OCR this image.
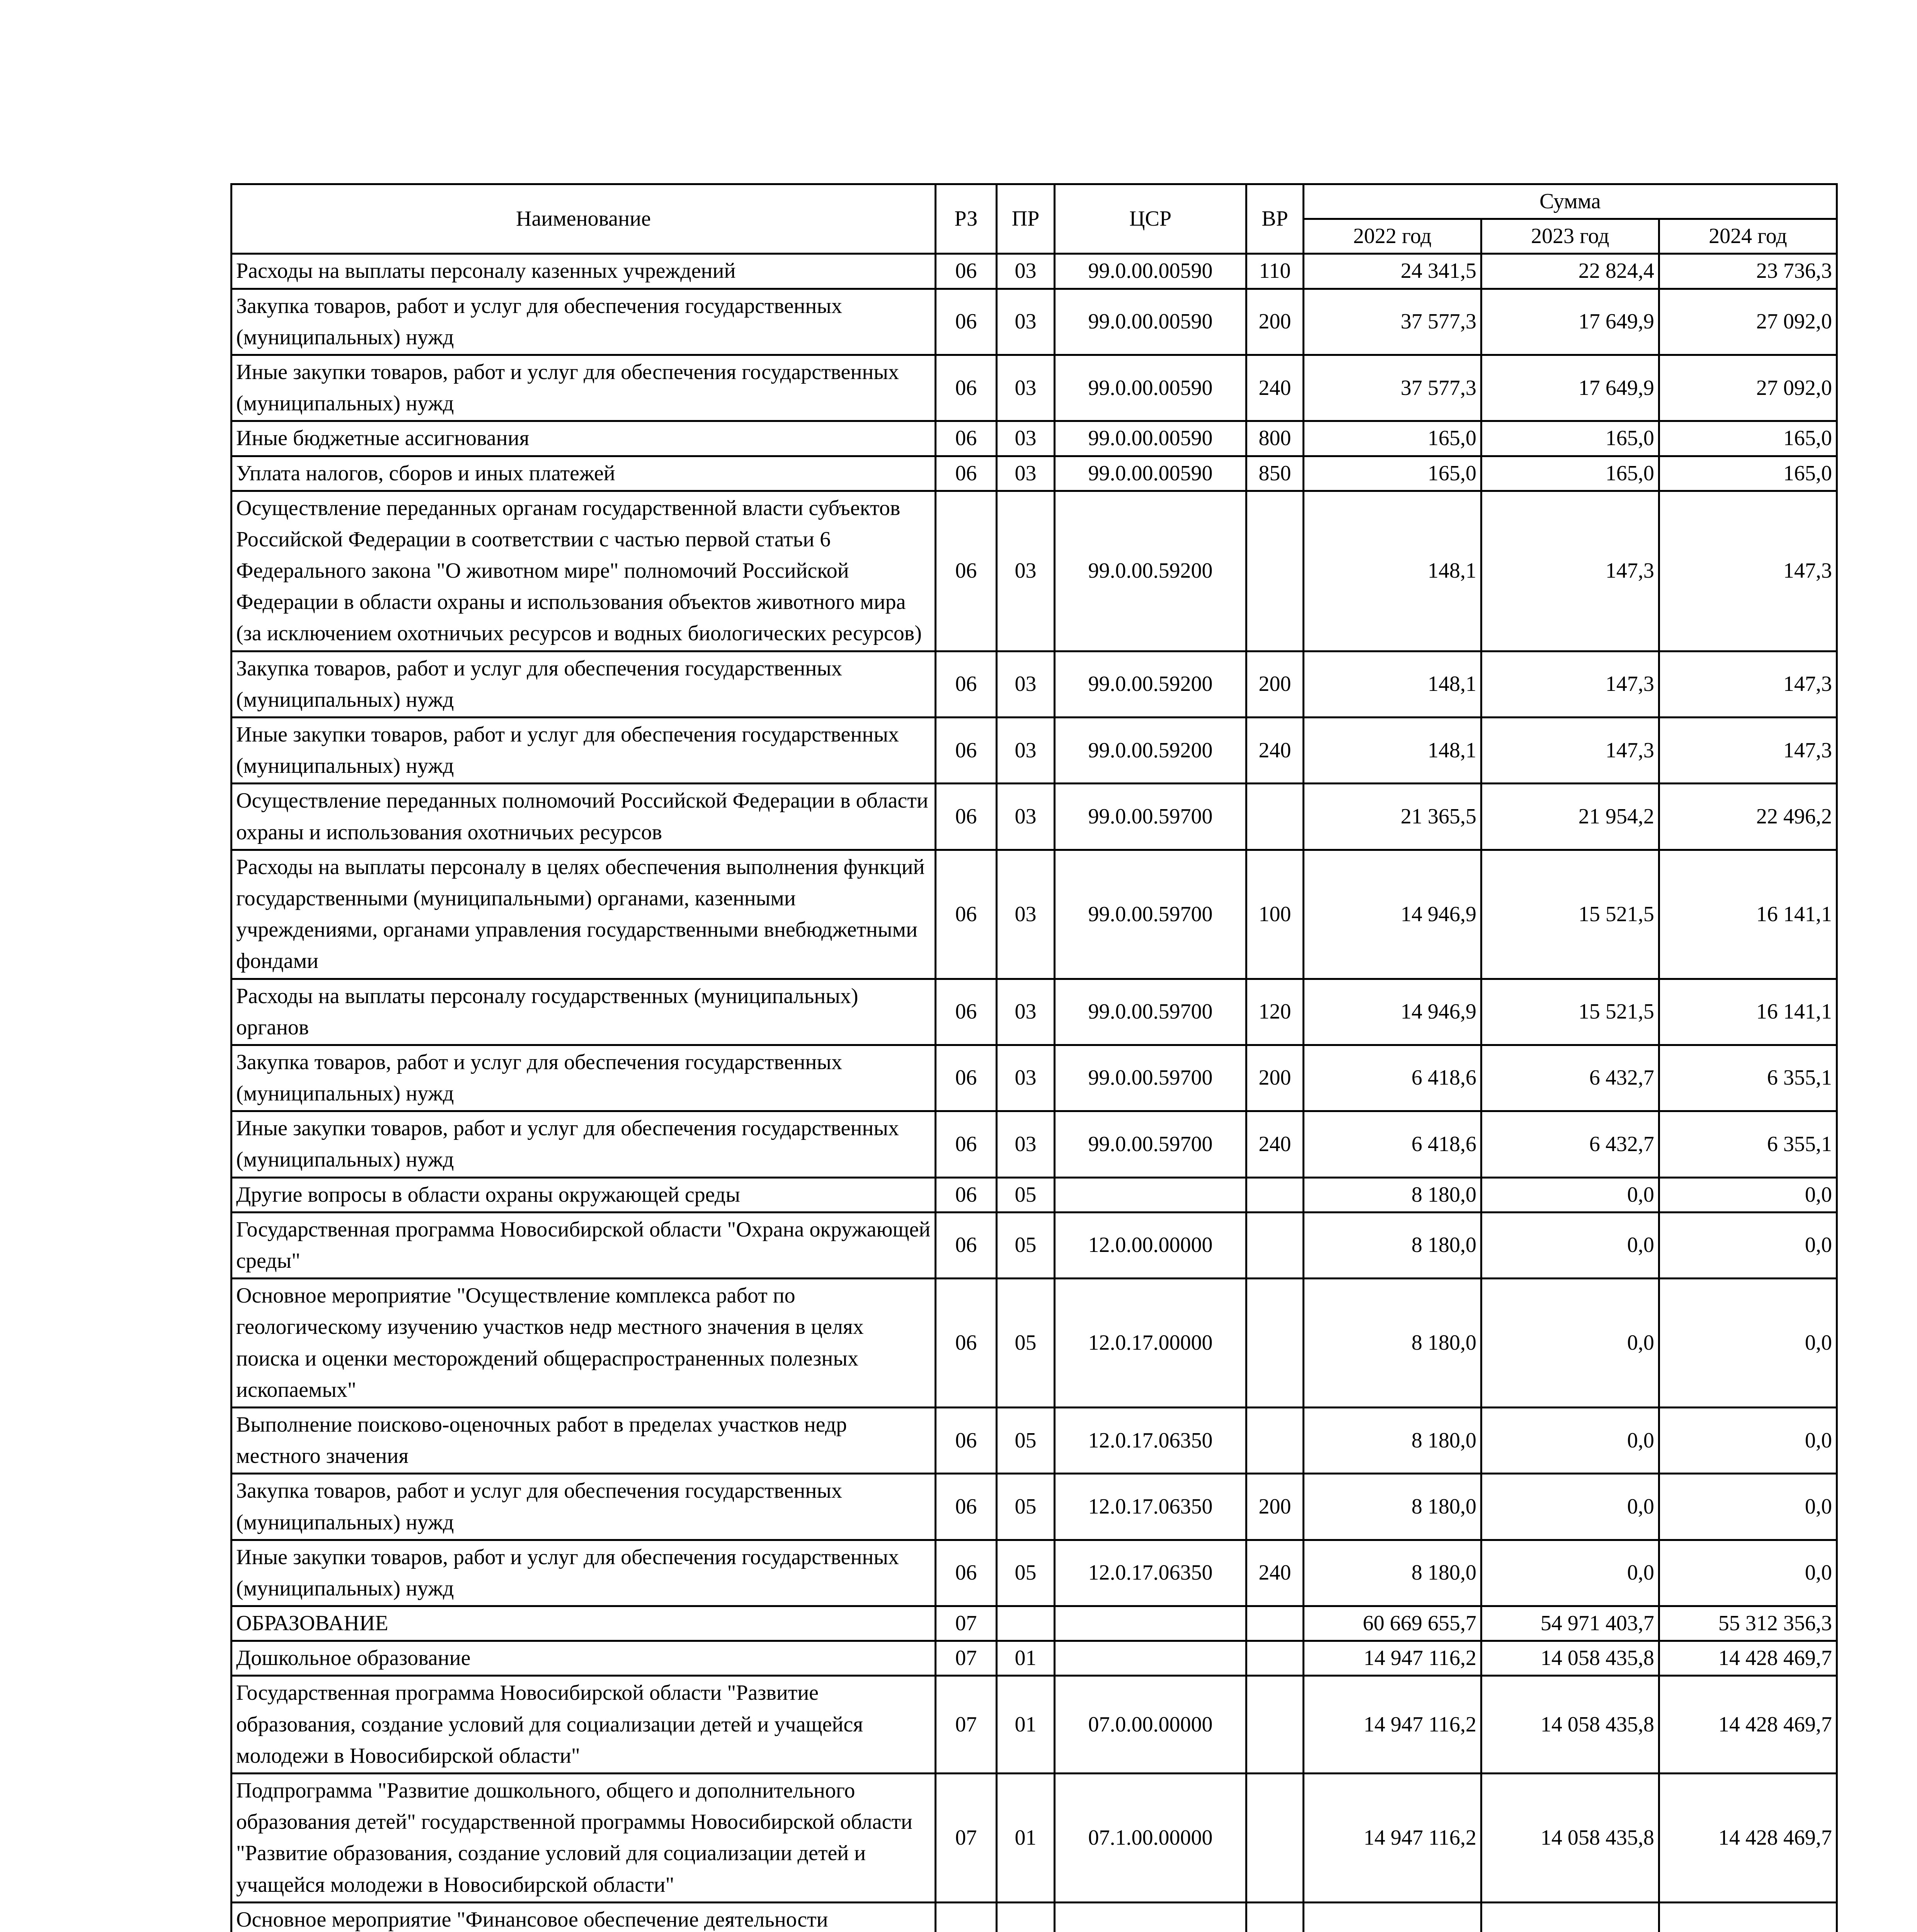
Наименование	РЗ	ПР	ЦСР	ВР	Сумма		
					2022 год	2023 год	2024 год
Расходы на выплаты персоналу казенных учреждений	06	03	99.0.00.00590	110	24 341,5	22 824,4	23 736,3
Закупка товаров, работ и услуг для обеспечения государственных (муниципальных) нужд	06	03	99.0.00.00590	200	37 577,3	17 649,9	27 092,0
Иные закупки товаров, работ и услуг для обеспечения государственных (муниципальных) нужд	06	03	99.0.00.00590	240	37 577,3	17 649,9	27 092,0
Иные бюджетные ассигнования	06	03	99.0.00.00590	800	165,0	165,0	165,0
Уплата налогов, сборов и иных платежей	06	03	99.0.00.00590	850	165,0	165,0	165,0
Осуществление переданных органам государственной власти субъектов Российской Федерации в соответствии с частью первой статьи 6 Федерального закона "О животном мире" полномочий Российской Федерации в области охраны и использования объектов животного мира (за исключением охотничьих ресурсов и водных биологических ресурсов)	06	03	99.0.00.59200		148,1	147,3	147,3
Закупка товаров, работ и услуг для обеспечения государственных (муниципальных) нужд	06	03	99.0.00.59200	200	148,1	147,3	147,3
Иные закупки товаров, работ и услуг для обеспечения государственных (муниципальных) нужд	06	03	99.0.00.59200	240	148,1	147,3	147,3
Осуществление переданных полномочий Российской Федерации в области охраны и использования охотничьих ресурсов	06	03	99.0.00.59700		21 365,5	21 954,2	22 496,2
Расходы на выплаты персоналу в целях обеспечения выполнения функций государственными (муниципальными) органами, казенными учреждениями, органами управления государственными внебюджетными фондами	06	03	99.0.00.59700	100	14 946,9	15 521,5	16 141,1
Расходы на выплаты персоналу государственных (муниципальных) органов	06	03	99.0.00.59700	120	14 946,9	15 521,5	16 141,1
Закупка товаров, работ и услуг для обеспечения государственных (муниципальных) нужд	06	03	99.0.00.59700	200	6 418,6	6 432,7	6 355,1
Иные закупки товаров, работ и услуг для обеспечения государственных (муниципальных) нужд	06	03	99.0.00.59700	240	6 418,6	6 432,7	6 355,1
Другие вопросы в области охраны окружающей среды	06	05			8 180,0	0,0	0,0
Государственная программа Новосибирской области "Охрана окружающей среды"	06	05	12.0.00.00000		8 180,0	0,0	0,0
Основное мероприятие "Осуществление комплекса работ по геологическому изучению участков недр местного значения в целях поиска и оценки месторождений общераспространенных полезных ископаемых"	06	05	12.0.17.00000		8 180,0	0,0	0,0
Выполнение поисково-оценочных работ в пределах участков недр местного значения	06	05	12.0.17.06350		8 180,0	0,0	0,0
Закупка товаров, работ и услуг для обеспечения государственных (муниципальных) нужд	06	05	12.0.17.06350	200	8 180,0	0,0	0,0
Иные закупки товаров, работ и услуг для обеспечения государственных (муниципальных) нужд	06	05	12.0.17.06350	240	8 180,0	0,0	0,0
ОБРАЗОВАНИЕ	07				60 669 655,7	54 971 403,7	55 312 356,3
Дошкольное образование	07	01			14 947 116,2	14 058 435,8	14 428 469,7
Государственная программа Новосибирской области "Развитие образования, создание условий для социализации детей и учащейся молодежи в Новосибирской области"	07	01	07.0.00.00000		14 947 116,2	14 058 435,8	14 428 469,7
Подпрограмма "Развитие дошкольного, общего и дополнительного образования детей" государственной программы Новосибирской области "Развитие образования, создание условий для социализации детей и учащейся молодежи в Новосибирской области"	07	01	07.1.00.00000		14 947 116,2	14 058 435,8	14 428 469,7
Основное мероприятие "Финансовое обеспечение деятельности							
